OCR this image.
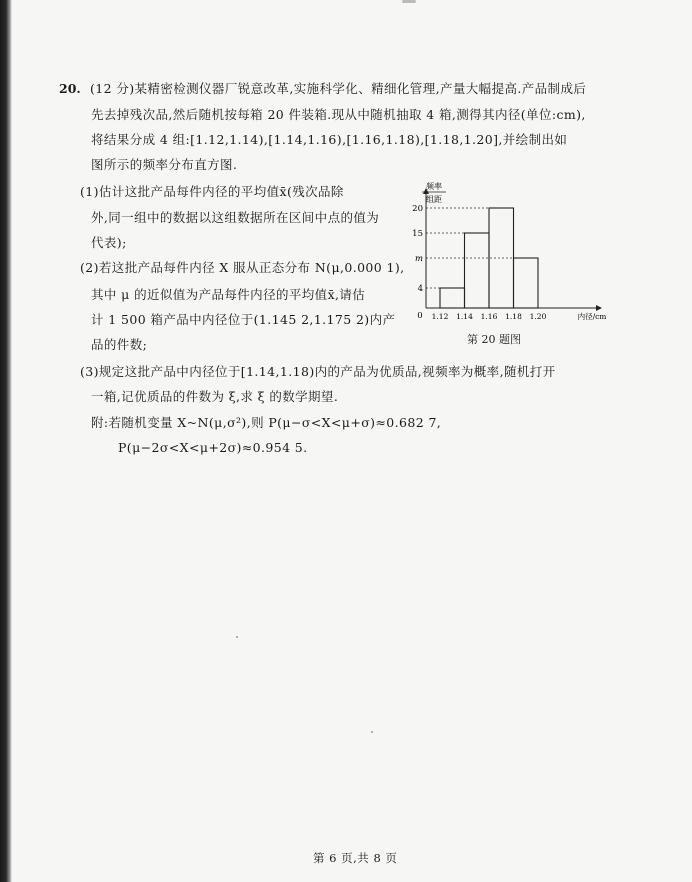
20. (12 分)某精密检测仪器厂锐意改革,实施科学化、精细化管理,产量大幅提高.产品制成后
先去掉残次品,然后随机按每箱 20 件装箱.现从中随机抽取 4 箱,测得其内径(单位:cm),
将结果分成 4 组:[1.12,1.14),[1.14,1.16),[1.16,1.18),[1.18,1.20],并绘制出如
图所示的频率分布直方图.
(1)估计这批产品每件内径的平均值x̄(残次品除
外,同一组中的数据以这组数据所在区间中点的值为
代表);
(2)若这批产品每件内径 X 服从正态分布 N(μ,0.000 1),
其中 μ 的近似值为产品每件内径的平均值x̄,请估
计 1 500 箱产品中内径位于(1.145 2,1.175 2)内产
品的件数;
(3)规定这批产品中内径位于[1.14,1.18)内的产品为优质品,视频率为概率,随机打开
一箱,记优质品的件数为 ξ,求 ξ 的数学期望.
附:若随机变量 X~N(μ,σ²),则 P(μ−σ<X<μ+σ)≈0.682 7,
P(μ−2σ<X<μ+2σ)≈0.954 5.
4
m
15
20
0 1.12 1.14 1.16 1.18 1.20	内径/cm
频率
组距
第 20 题图
第 6 页,共 8 页
